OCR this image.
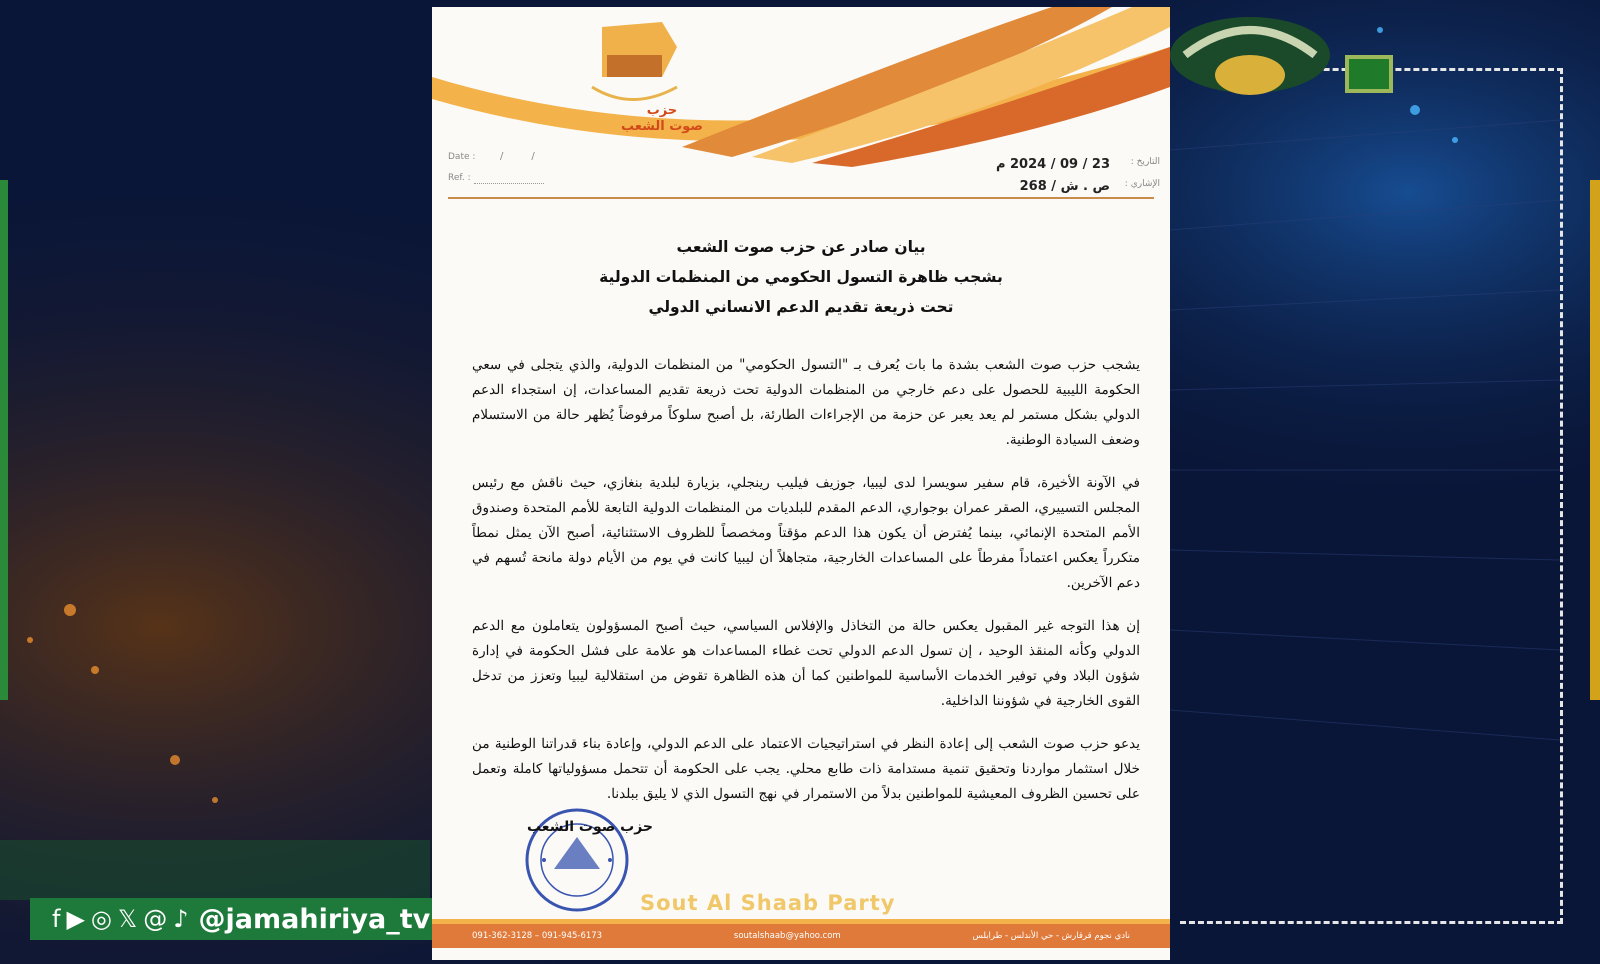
f ▶ ◎ 𝕏 @ ♪ @jamahiriya_tv
حزب
صوت الشعب
Date : //
Ref. :
التاريخ :
23 / 09 / 2024 م
الإشاري :
ص . ش / 268
بيان صادر عن حزب صوت الشعب
بشجب ظاهرة التسول الحكومي من المنظمات الدولية
تحت ذريعة تقديم الدعم الانساني الدولي

يشجب حزب صوت الشعب بشدة ما بات يُعرف بـ "التسول الحكومي" من المنظمات الدولية، والذي يتجلى في سعي الحكومة الليبية للحصول على دعم خارجي من المنظمات الدولية تحت ذريعة تقديم المساعدات، إن استجداء الدعم الدولي بشكل مستمر لم يعد يعبر عن حزمة من الإجراءات الطارئة، بل أصبح سلوكاً مرفوضاً يُظهر حالة من الاستسلام وضعف السيادة الوطنية.

في الآونة الأخيرة، قام سفير سويسرا لدى ليبيا، جوزيف فيليب رينجلي، بزيارة لبلدية بنغازي، حيث ناقش مع رئيس المجلس التسييري، الصقر عمران بوجواري، الدعم المقدم للبلديات من المنظمات الدولية التابعة للأمم المتحدة وصندوق الأمم المتحدة الإنمائي، بينما يُفترض أن يكون هذا الدعم مؤقتاً ومخصصاً للظروف الاستثنائية، أصبح الآن يمثل نمطاً متكرراً يعكس اعتماداً مفرطاً على المساعدات الخارجية، متجاهلاً أن ليبيا كانت في يوم من الأيام دولة مانحة تُسهم في دعم الآخرين.

إن هذا التوجه غير المقبول يعكس حالة من التخاذل والإفلاس السياسي، حيث أصبح المسؤولون يتعاملون مع الدعم الدولي وكأنه المنقذ الوحيد ، إن تسول الدعم الدولي تحت غطاء المساعدات هو علامة على فشل الحكومة في إدارة شؤون البلاد وفي توفير الخدمات الأساسية للمواطنين كما أن هذه الظاهرة تقوض من استقلالية ليبيا وتعزز من تدخل القوى الخارجية في شؤوننا الداخلية.

يدعو حزب صوت الشعب إلى إعادة النظر في استراتيجيات الاعتماد على الدعم الدولي، وإعادة بناء قدراتنا الوطنية من خلال استثمار مواردنا وتحقيق تنمية مستدامة ذات طابع محلي. يجب على الحكومة أن تتحمل مسؤولياتها كاملة وتعمل على تحسين الظروف المعيشية للمواطنين بدلاً من الاستمرار في نهج التسول الذي لا يليق ببلدنا.

حزب صوت الشعب
Sout Al Shaab Party
091-362-3128 – 091-945-6173	soutalshaab@yahoo.com	نادي نجوم قرقارش - حي الأندلس - طرابلس
